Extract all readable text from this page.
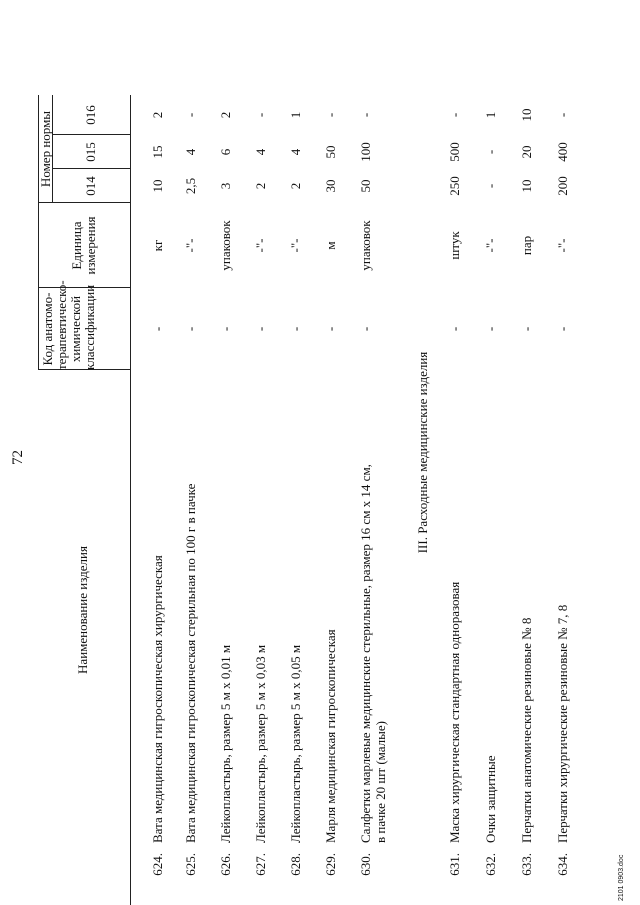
72
Наименование изделия
Код анатомо- терапевтическо- химической классификации
Единица измерения
Номер нормы 014
015
016
624.
Вата медицинская гигроскопическая хирургическая
-
кг
10
15
2
625.
Вата медицинская гигроскопическая стерильная по 100 г в пачке
-
-"-
2,5
4
-
626.
Лейкопластырь, размер 5 м х 0,01 м
-
упаковок
3
6
2
627.
Лейкопластырь, размер 5 м х 0,03 м
-
-"-
2
4
-
628.
Лейкопластырь, размер 5 м х 0,05 м
-
-"-
2
4
1
629.
Марля медицинская гигроскопическая
-
м
30
50
-
630.
Салфетки марлевые медицинские стерильные, размер 16 см х 14 см, в пачке 20 шт (малые)
-
упаковок
50
100
-
III. Расходные медицинские изделия
631.
Маска хирургическая стандартная одноразовая
-
штук
250
500
-
632.
Очки защитные
-
-"-
-
-
1
633.
Перчатки анатомические резиновые № 8
-
пар
10
20
10
634.
Перчатки хирургические резиновые № 7, 8
-
-"-
200
400
-
2101 0903.doc
